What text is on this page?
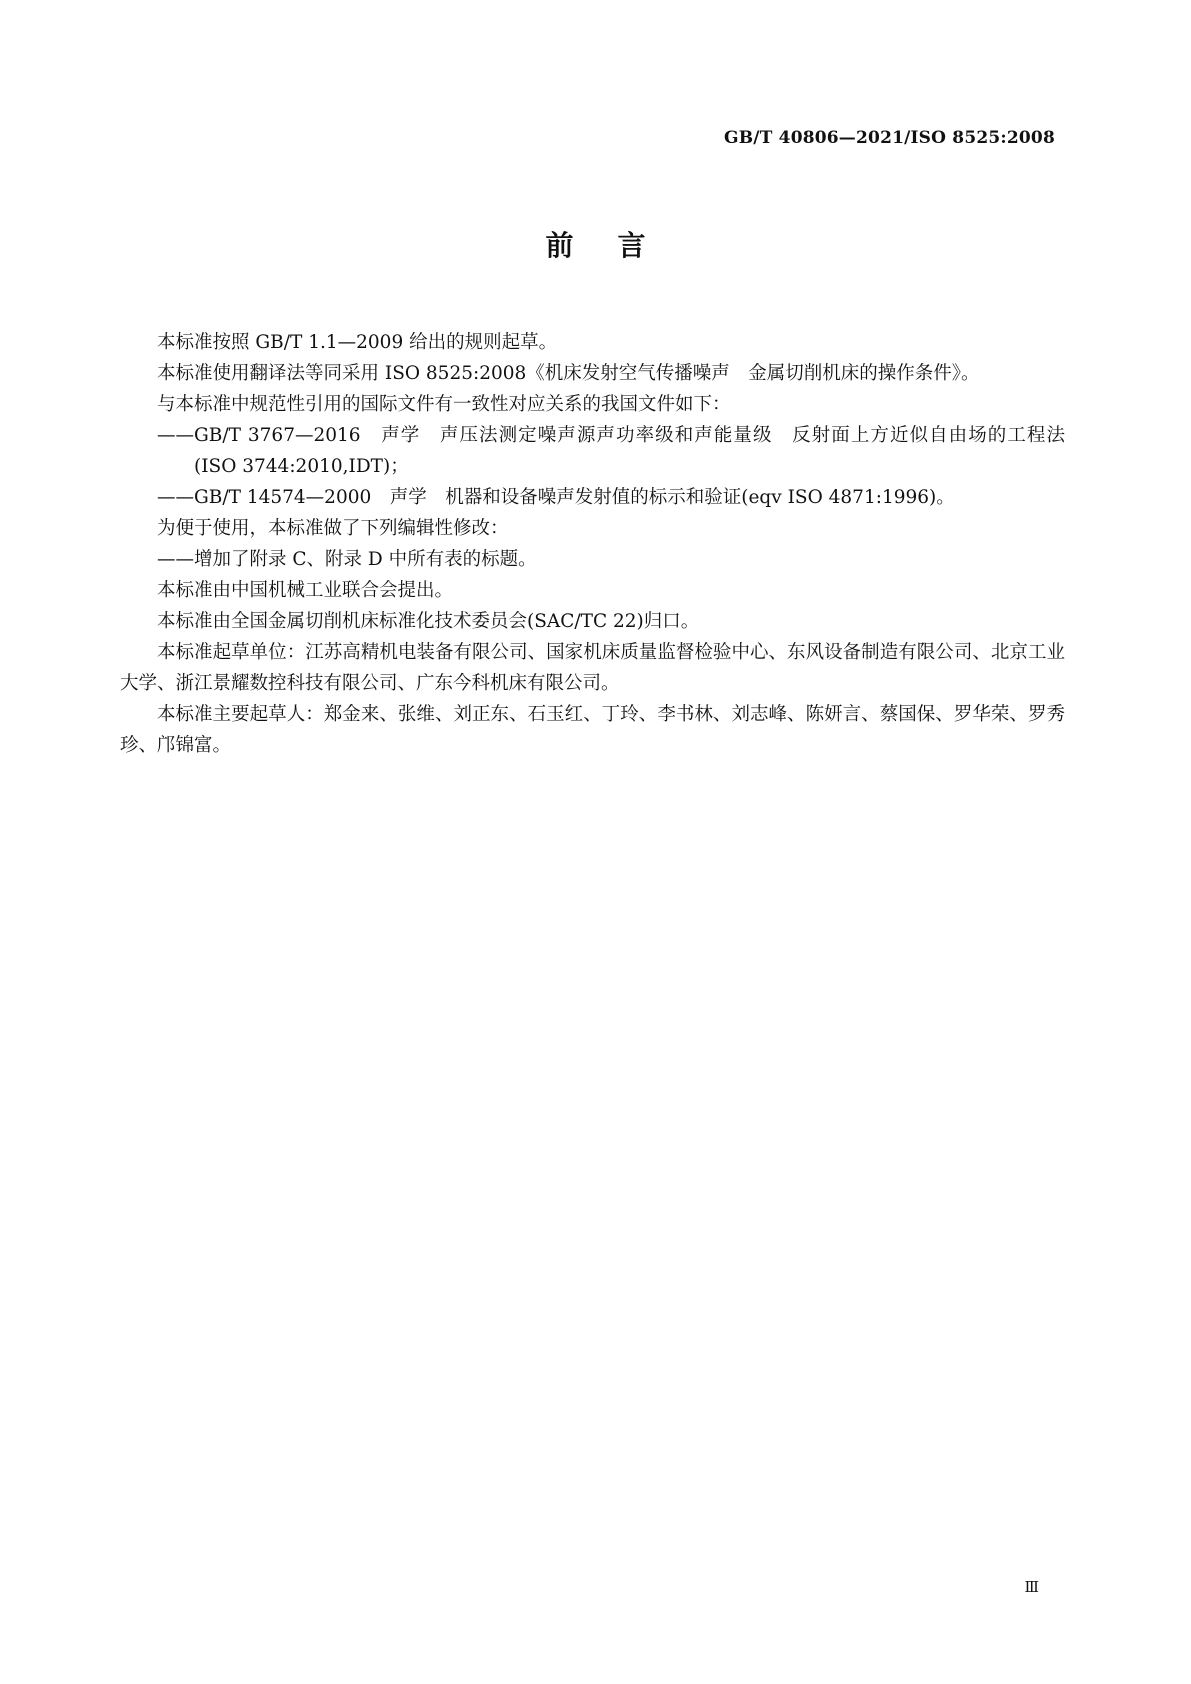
GB/T 40806—2021/ISO 8525:2008
前言

本标准按照 GB/T 1.1—2009 给出的规则起草。

本标准使用翻译法等同采用 ISO 8525:2008《机床发射空气传播噪声　金属切削机床的操作条件》。

与本标准中规范性引用的国际文件有一致性对应关系的我国文件如下：

——GB/T 3767—2016　声学　声压法测定噪声源声功率级和声能量级　反射面上方近似自由场的工程法(ISO 3744:2010,IDT)；

——GB/T 14574—2000　声学　机器和设备噪声发射值的标示和验证(eqv ISO 4871:1996)。

为便于使用，本标准做了下列编辑性修改：

——增加了附录 C、附录 D 中所有表的标题。

本标准由中国机械工业联合会提出。

本标准由全国金属切削机床标准化技术委员会(SAC/TC 22)归口。

本标准起草单位：江苏高精机电装备有限公司、国家机床质量监督检验中心、东风设备制造有限公司、北京工业大学、浙江景耀数控科技有限公司、广东今科机床有限公司。

本标准主要起草人：郑金来、张维、刘正东、石玉红、丁玲、李书林、刘志峰、陈妍言、蔡国保、罗华荣、罗秀珍、邝锦富。

Ⅲ
